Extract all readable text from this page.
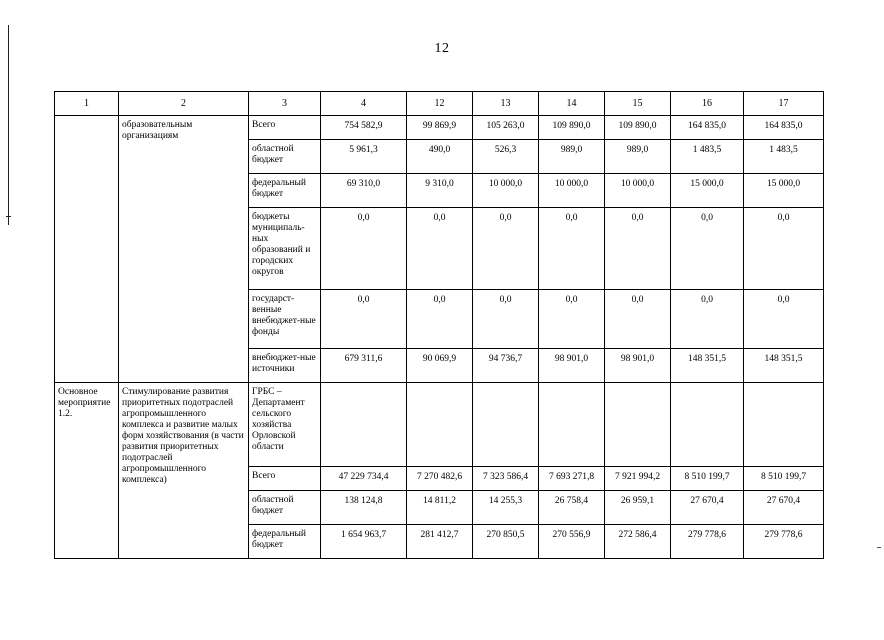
12
1	2	3	4	12	13	14	15	16	17
	образовательным организациям	Всего	754 582,9	99 869,9	105 263,0	109 890,0	109 890,0	164 835,0	164 835,0
		областной бюджет	5 961,3	490,0	526,3	989,0	989,0	1 483,5	1 483,5
		федеральный бюджет	69 310,0	9 310,0	10 000,0	10 000,0	10 000,0	15 000,0	15 000,0
		бюджеты муниципаль-ных образований и городских округов	0,0	0,0	0,0	0,0	0,0	0,0	0,0
		государст-венные внебюджет-ные фонды	0,0	0,0	0,0	0,0	0,0	0,0	0,0
		внебюджет-ные источники	679 311,6	90 069,9	94 736,7	98 901,0	98 901,0	148 351,5	148 351,5
Основное мероприятие 1.2.	Стимулирование развития приоритетных подотраслей агропромышленного комплекса и развитие малых форм хозяйствования (в части развития приоритетных подотраслей агропромышленного комплекса)	ГРБС – Департамент сельского хозяйства Орловской области							
		Всего	47 229 734,4	7 270 482,6	7 323 586,4	7 693 271,8	7 921 994,2	8 510 199,7	8 510 199,7
		областной бюджет	138 124,8	14 811,2	14 255,3	26 758,4	26 959,1	27 670,4	27 670,4
		федеральный бюджет	1 654 963,7	281 412,7	270 850,5	270 556,9	272 586,4	279 778,6	279 778,6
